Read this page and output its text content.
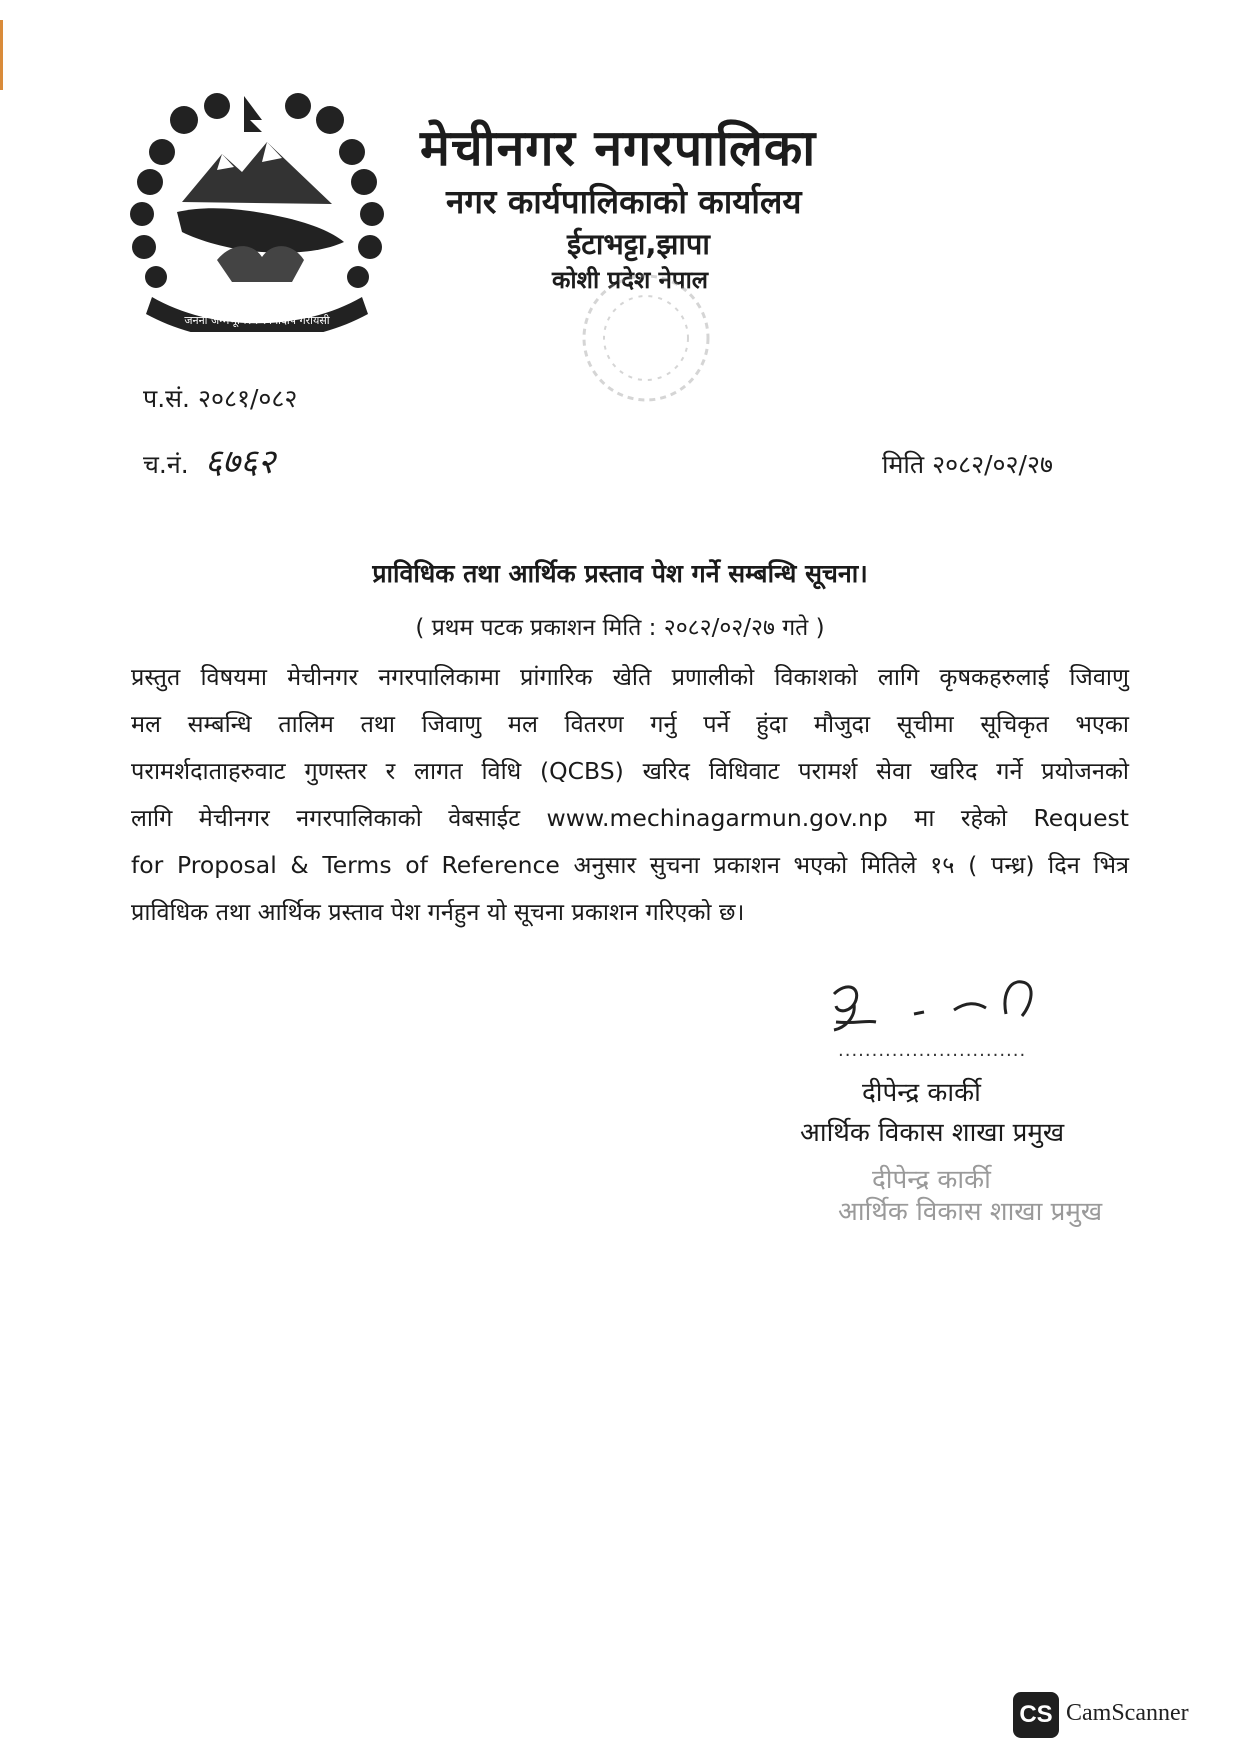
जननी जन्मभूमिश्च स्वर्गादपि गरीयसी
मेचीनगर नगरपालिका
नगर कार्यपालिकाको कार्यालय
ईटाभट्टा,झापा
कोशी प्रदेश नेपाल
प.सं. २०८१/०८२
च.नं. ६७६२	मिति २०८२/०२/२७
प्राविधिक तथा आर्थिक प्रस्ताव पेश गर्ने सम्बन्धि सूचना।
( प्रथम पटक प्रकाशन मिति : २०८२/०२/२७ गते )
प्रस्तुत विषयमा मेचीनगर नगरपालिकामा प्रांगारिक खेति प्रणालीको विकाशको लागि कृषकहरुलाई जिवाणु
मल सम्बन्धि तालिम तथा जिवाणु मल वितरण गर्नु पर्ने हुंदा मौजुदा सूचीमा सूचिकृत भएका
परामर्शदाताहरुवाट गुणस्तर र लागत विधि (QCBS) खरिद विधिवाट परामर्श सेवा खरिद गर्ने प्रयोजनको
लागि मेचीनगर नगरपालिकाको वेबसाईट www.mechinagarmun.gov.np मा रहेको Request
for Proposal & Terms of Reference अनुसार सुचना प्रकाशन भएको मितिले १५ ( पन्ध्र) दिन भित्र
प्राविधिक तथा आर्थिक प्रस्ताव पेश गर्नहुन यो सूचना प्रकाशन गरिएको छ।
............................
दीपेन्द्र कार्की
आर्थिक विकास शाखा प्रमुख
दीपेन्द्र कार्की
आर्थिक विकास शाखा प्रमुख
CS CamScanner
